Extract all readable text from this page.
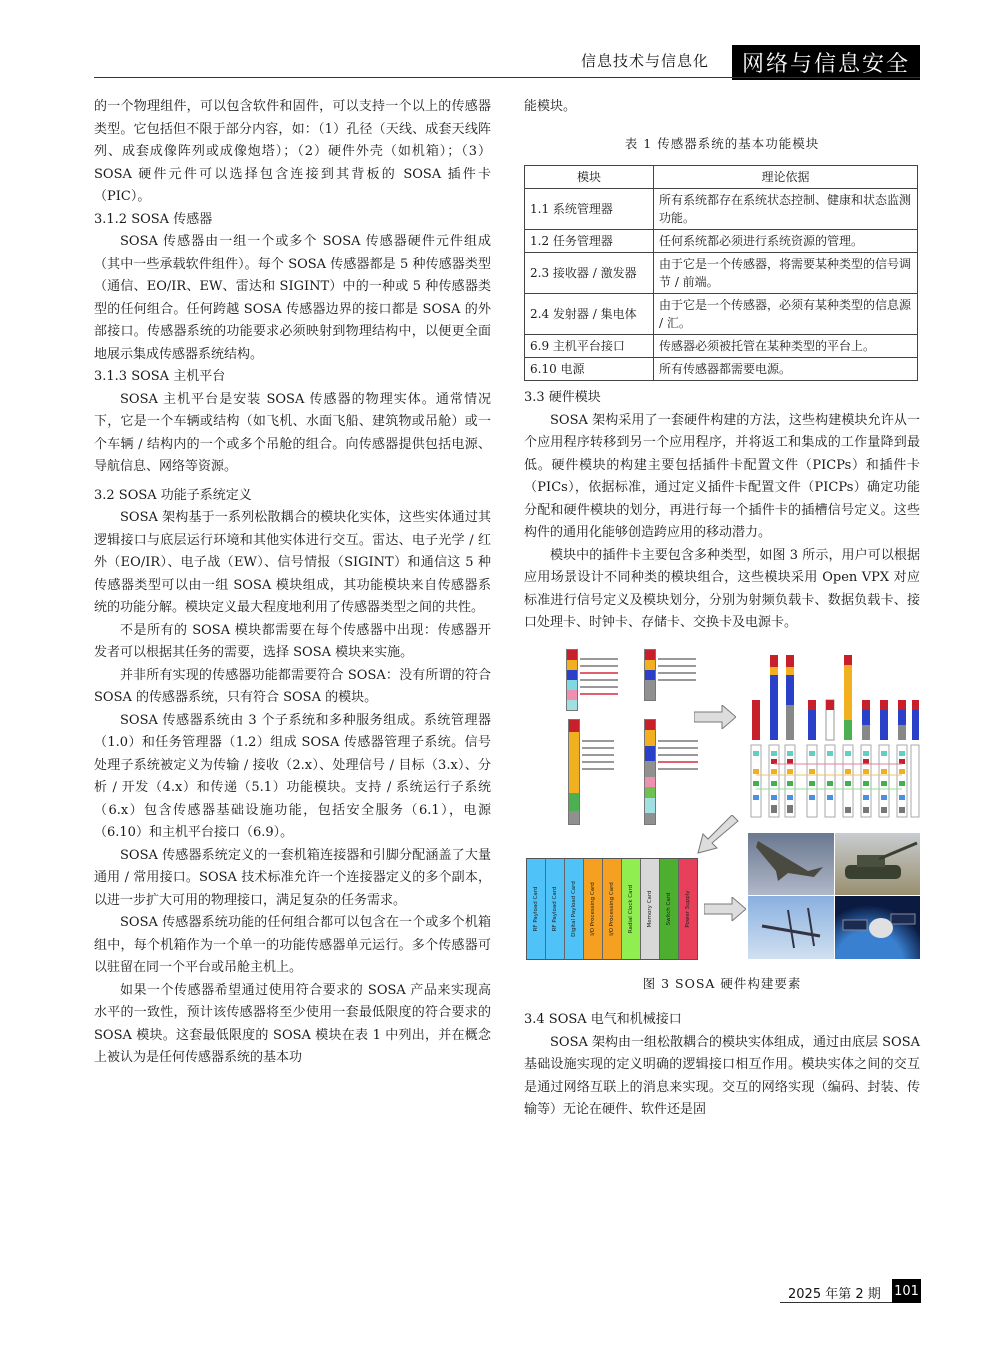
信息技术与信息化	网络与信息安全

的一个物理组件，可以包含软件和固件，可以支持一个以上的传感器类型。它包括但不限于部分内容，如：（1）孔径（天线、成套天线阵列、成套成像阵列或成像炮塔）；（2）硬件外壳（如机箱）；（3）SOSA 硬件元件可以选择包含连接到其背板的 SOSA 插件卡（PIC）。

3.1.2 SOSA 传感器

SOSA 传感器由一组一个或多个 SOSA 传感器硬件元件组成（其中一些承载软件组件）。每个 SOSA 传感器都是 5 种传感器类型（通信、EO/IR、EW、雷达和 SIGINT）中的一种或 5 种传感器类型的任何组合。任何跨越 SOSA 传感器边界的接口都是 SOSA 的外部接口。传感器系统的功能要求必须映射到物理结构中，以便更全面地展示集成传感器系统结构。

3.1.3 SOSA 主机平台

SOSA 主机平台是安装 SOSA 传感器的物理实体。通常情况下，它是一个车辆或结构（如飞机、水面飞船、建筑物或吊舱）或一个车辆 / 结构内的一个或多个吊舱的组合。向传感器提供包括电源、导航信息、网络等资源。

3.2 SOSA 功能子系统定义

SOSA 架构基于一系列松散耦合的模块化实体，这些实体通过其逻辑接口与底层运行环境和其他实体进行交互。雷达、电子光学 / 红外（EO/IR）、电子战（EW）、信号情报（SIGINT）和通信这 5 种传感器类型可以由一组 SOSA 模块组成，其功能模块来自传感器系统的功能分解。模块定义最大程度地利用了传感器类型之间的共性。

不是所有的 SOSA 模块都需要在每个传感器中出现：传感器开发者可以根据其任务的需要，选择 SOSA 模块来实施。

并非所有实现的传感器功能都需要符合 SOSA：没有所谓的符合 SOSA 的传感器系统，只有符合 SOSA 的模块。

SOSA 传感器系统由 3 个子系统和多种服务组成。系统管理器（1.0）和任务管理器（1.2）组成 SOSA 传感器管理子系统。信号处理子系统被定义为传输 / 接收（2.x）、处理信号 / 目标（3.x）、分析 / 开发（4.x）和传递（5.1）功能模块。支持 / 系统运行子系统（6.x）包含传感器基础设施功能，包括安全服务（6.1），电源（6.10）和主机平台接口（6.9）。

SOSA 传感器系统定义的一套机箱连接器和引脚分配涵盖了大量通用 / 常用接口。SOSA 技术标准允许一个连接器定义的多个副本，以进一步扩大可用的物理接口，满足复杂的任务需求。

SOSA 传感器系统功能的任何组合都可以包含在一个或多个机箱组中，每个机箱作为一个单一的功能传感器单元运行。多个传感器可以驻留在同一个平台或吊舱主机上。

如果一个传感器希望通过使用符合要求的 SOSA 产品来实现高水平的一致性，预计该传感器将至少使用一套最低限度的符合要求的 SOSA 模块。这套最低限度的 SOSA 模块在表 1 中列出，并在概念上被认为是任何传感器系统的基本功

能模块。

表 1 传感器系统的基本功能模块
模块	理论依据
1.1 系统管理器	所有系统都存在系统状态控制、健康和状态监测功能。
1.2 任务管理器	任何系统都必须进行系统资源的管理。
2.3 接收器 / 激发器	由于它是一个传感器，将需要某种类型的信号调节 / 前端。
2.4 发射器 / 集电体	由于它是一个传感器，必须有某种类型的信息源 / 汇。
6.9 主机平台接口	传感器必须被托管在某种类型的平台上。
6.10 电源	所有传感器都需要电源。
3.3 硬件模块

SOSA 架构采用了一套硬件构建的方法，这些构建模块允许从一个应用程序转移到另一个应用程序，并将返工和集成的工作量降到最低。硬件模块的构建主要包括插件卡配置文件（PICPs）和插件卡（PICs），依据标准，通过定义插件卡配置文件（PICPs）确定功能分配和硬件模块的划分，再进行每一个插件卡的插槽信号定义。这些构件的通用化能够创造跨应用的移动潜力。

模块中的插件卡主要包含多种类型，如图 3 所示，用户可以根据应用场景设计不同种类的模块组合，这些模块采用 Open VPX 对应标准进行信号定义及模块划分，分别为射频负载卡、数据负载卡、接口处理卡、时钟卡、存储卡、交换卡及电源卡。

RF Payload Card	RF Payload Card	Digital Payload Card	I/O Processing Card	I/O Processing Card	Radial Clock Card	Memory Card	Switch Card	Power Supply
图 3 SOSA 硬件构建要素
3.4 SOSA 电气和机械接口

SOSA 架构由一组松散耦合的模块实体组成，通过由底层 SOSA 基础设施实现的定义明确的逻辑接口相互作用。模块实体之间的交互是通过网络互联上的消息来实现。交互的网络实现（编码、封装、传输等）无论在硬件、软件还是固

2025 年第 2 期 101
